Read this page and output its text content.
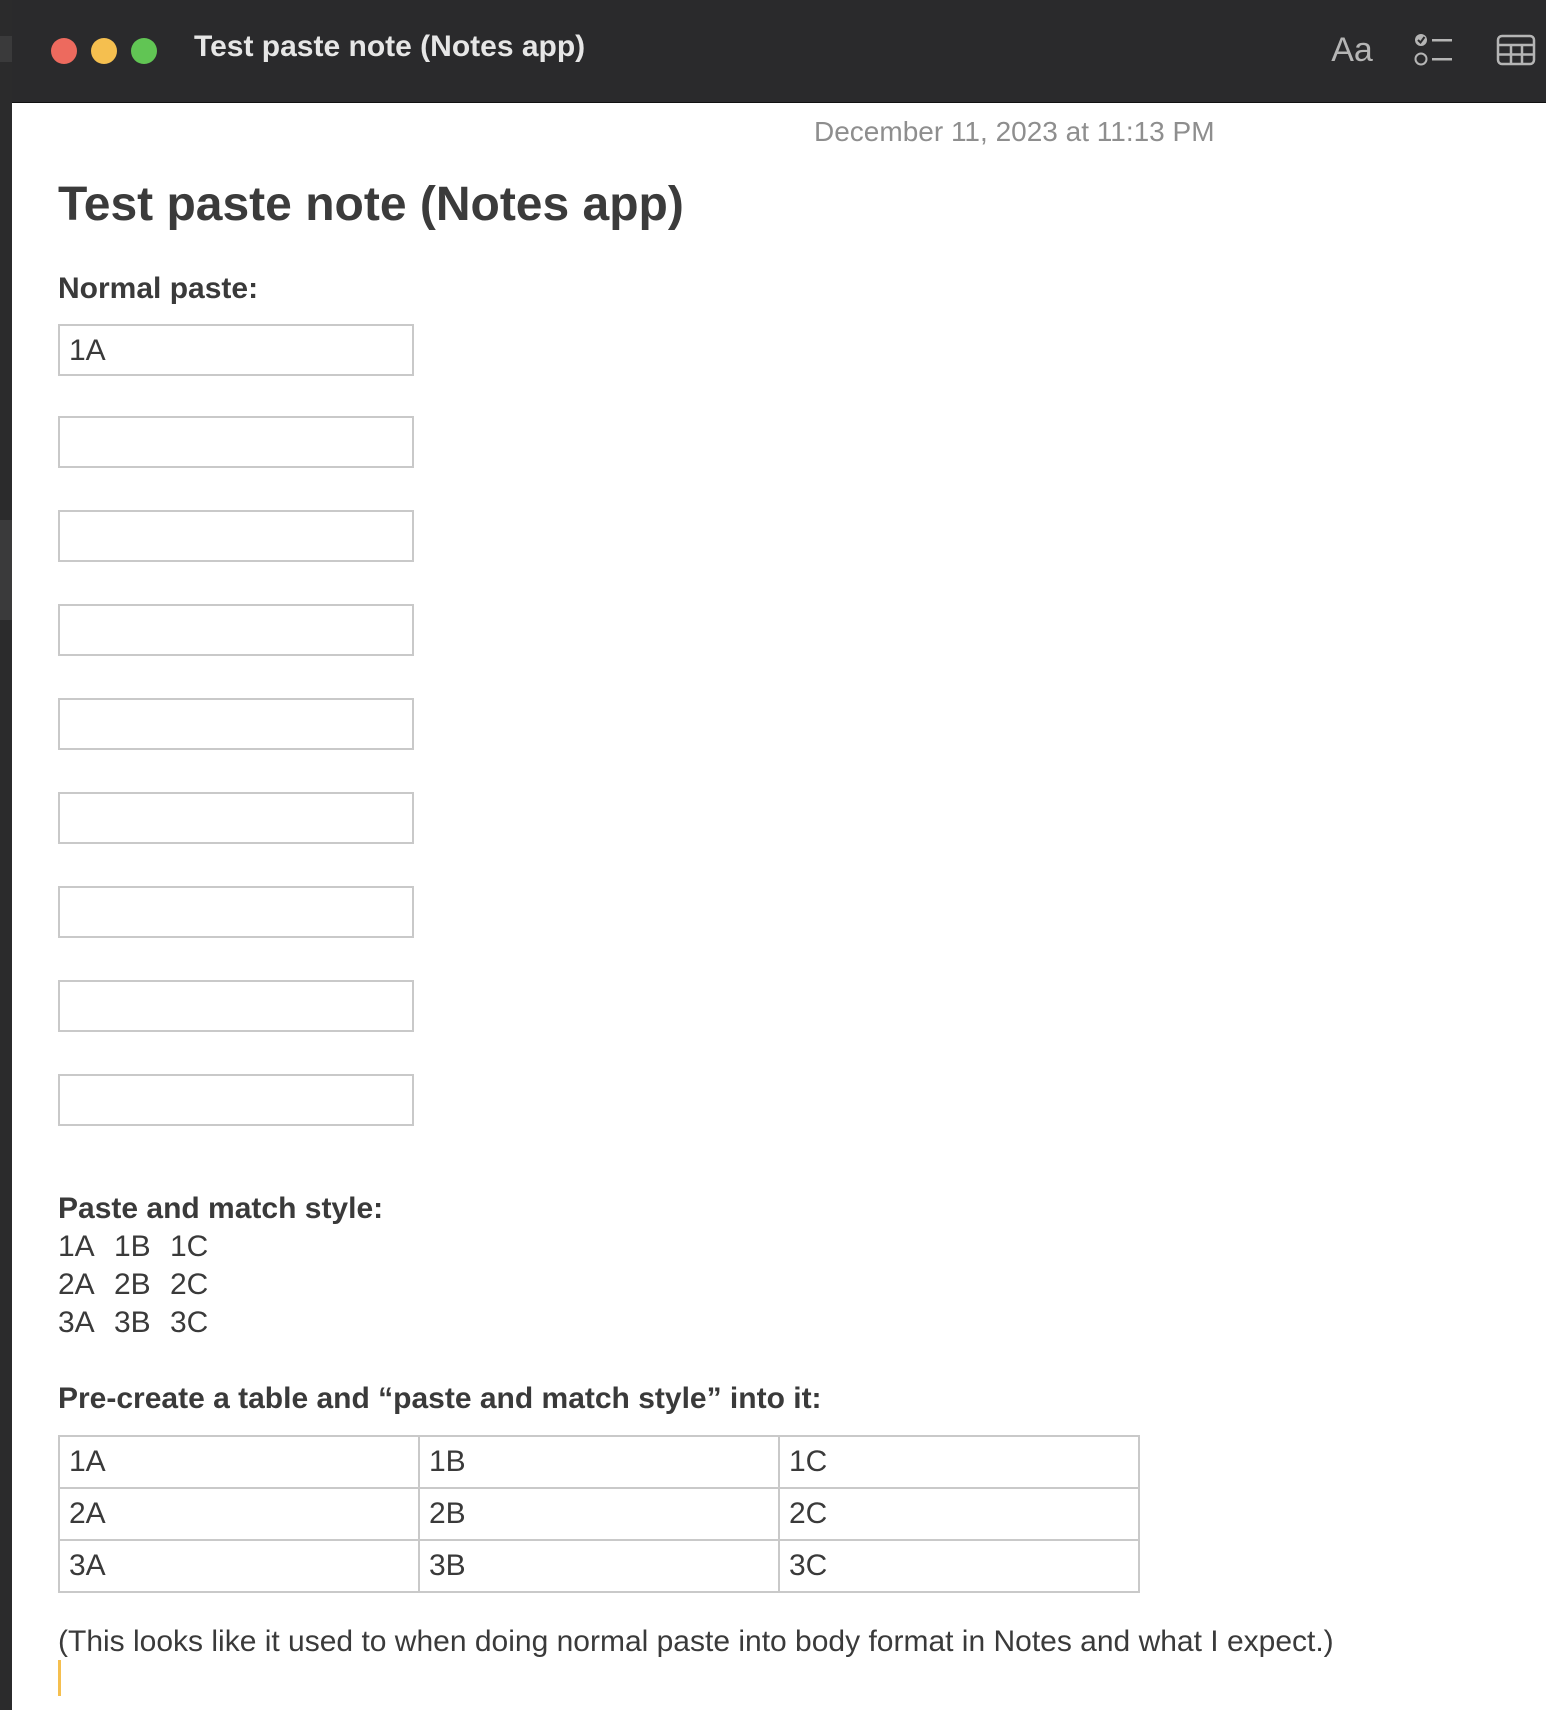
Test paste note (Notes app)	Aa
December 11, 2023 at 11:13 PM
Test paste note (Notes app)
Normal paste:
1A
Paste and match style:
1A 1B 1C
2A 2B 2C
3A 3B 3C
Pre-create a table and “paste and match style” into it:
1A	1B	1C
2A	2B	2C
3A	3B	3C
(This looks like it used to when doing normal paste into body format in Notes and what I expect.)
